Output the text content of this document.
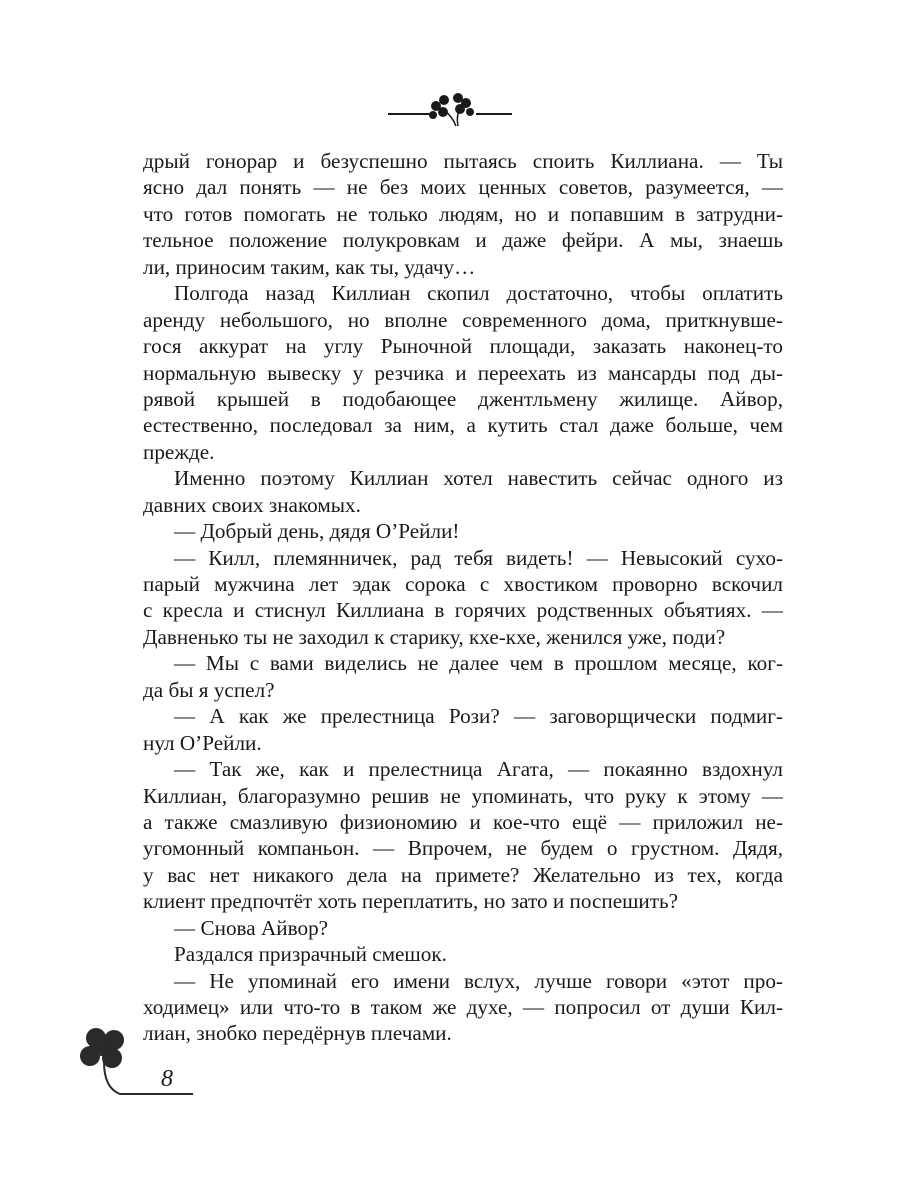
дрый гонорар и безуспешно пытаясь споить Киллиана. — Ты
ясно дал понять — не без моих ценных советов, разумеется, —
что готов помогать не только людям, но и попавшим в затрудни-
тельное положение полукровкам и даже фейри. А мы, знаешь
ли, приносим таким, как ты, удачу…
Полгода назад Киллиан скопил достаточно, чтобы оплатить
аренду небольшого, но вполне современного дома, приткнувше-
гося аккурат на углу Рыночной площади, заказать наконец-то
нормальную вывеску у резчика и переехать из мансарды под ды-
рявой крышей в подобающее джентльмену жилище. Айвор,
естественно, последовал за ним, а кутить стал даже больше, чем
прежде.
Именно поэтому Киллиан хотел навестить сейчас одного из
давних своих знакомых.
— Добрый день, дядя О’Рейли!
— Килл, племянничек, рад тебя видеть! — Невысокий сухо-
парый мужчина лет эдак сорока с хвостиком проворно вскочил
с кресла и стиснул Киллиана в горячих родственных объятиях. —
Давненько ты не заходил к старику, кхе-кхе, женился уже, поди?
— Мы с вами виделись не далее чем в прошлом месяце, ког-
да бы я успел?
— А как же прелестница Рози? — заговорщически подмиг-
нул О’Рейли.
— Так же, как и прелестница Агата, — покаянно вздохнул
Киллиан, благоразумно решив не упоминать, что руку к этому —
а также смазливую физиономию и кое-что ещё — приложил не-
угомонный компаньон. — Впрочем, не будем о грустном. Дядя,
у вас нет никакого дела на примете? Желательно из тех, когда
клиент предпочтёт хоть переплатить, но зато и поспешить?
— Снова Айвор?
Раздался призрачный смешок.
— Не упоминай его имени вслух, лучше говори «этот про-
ходимец» или что-то в таком же духе, — попросил от души Кил-
лиан, знобко передёрнув плечами.
8
